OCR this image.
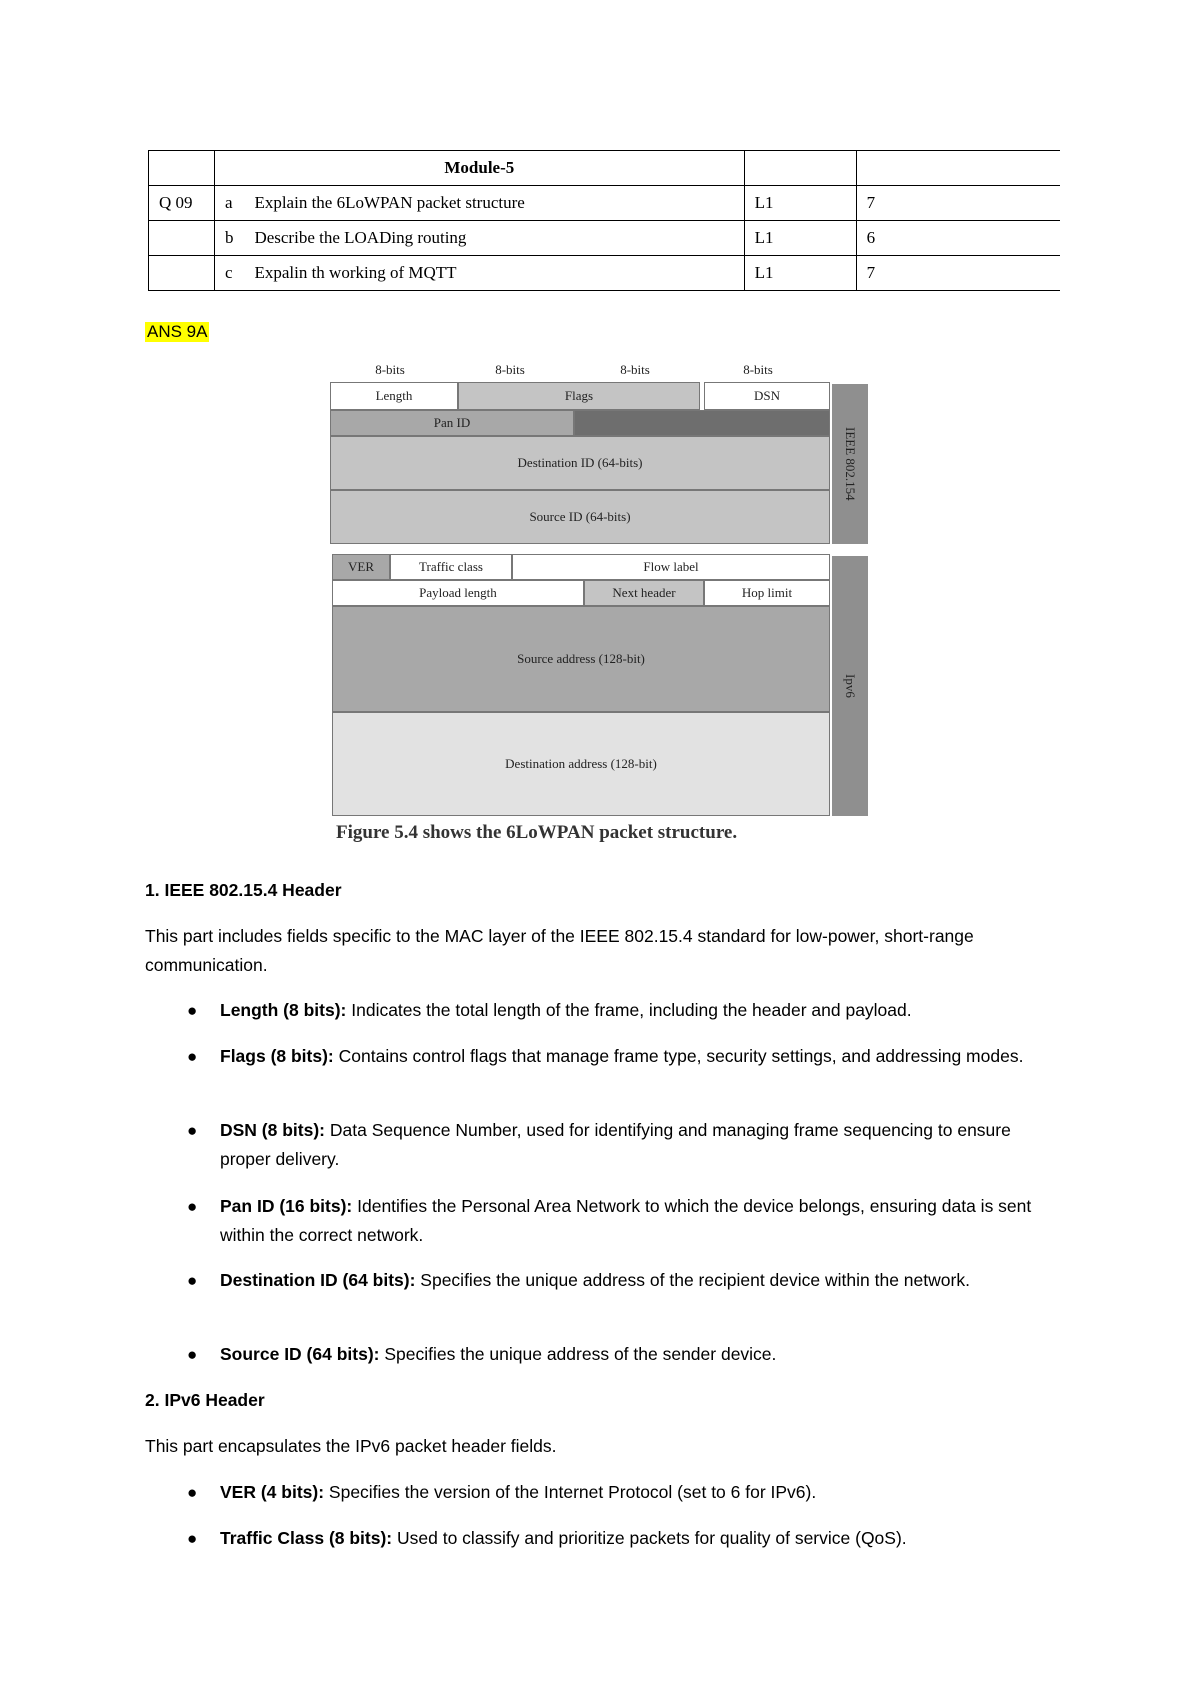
	Module-5			
Q 09	a	Explain the 6LoWPAN packet structure	L1	7
	b	Describe the LOADing routing	L1	6
	c	Expalin th working of MQTT	L1	7
ANS 9A
8-bits	8-bits	8-bits	8-bits
Length	Flags	DSN
Pan ID
Destination ID (64-bits)
Source ID (64-bits)
IEEE 802.154
VER	Traffic class	Flow label
Payload length	Next header	Hop limit
Source address (128-bit)
Destination address (128-bit)
Ipv6
Figure 5.4 shows the 6LoWPAN packet structure.
1. IEEE 802.15.4 Header
This part includes fields specific to the MAC layer of the IEEE 802.15.4 standard for low-power, short-range communication.
● Length (8 bits): Indicates the total length of the frame, including the header and payload.
● Flags (8 bits): Contains control flags that manage frame type, security settings, and addressing modes.
● DSN (8 bits): Data Sequence Number, used for identifying and managing frame sequencing to ensure proper delivery.
● Pan ID (16 bits): Identifies the Personal Area Network to which the device belongs, ensuring data is sent within the correct network.
● Destination ID (64 bits): Specifies the unique address of the recipient device within the network.
● Source ID (64 bits): Specifies the unique address of the sender device.
2. IPv6 Header
This part encapsulates the IPv6 packet header fields.
● VER (4 bits): Specifies the version of the Internet Protocol (set to 6 for IPv6).
● Traffic Class (8 bits): Used to classify and prioritize packets for quality of service (QoS).
